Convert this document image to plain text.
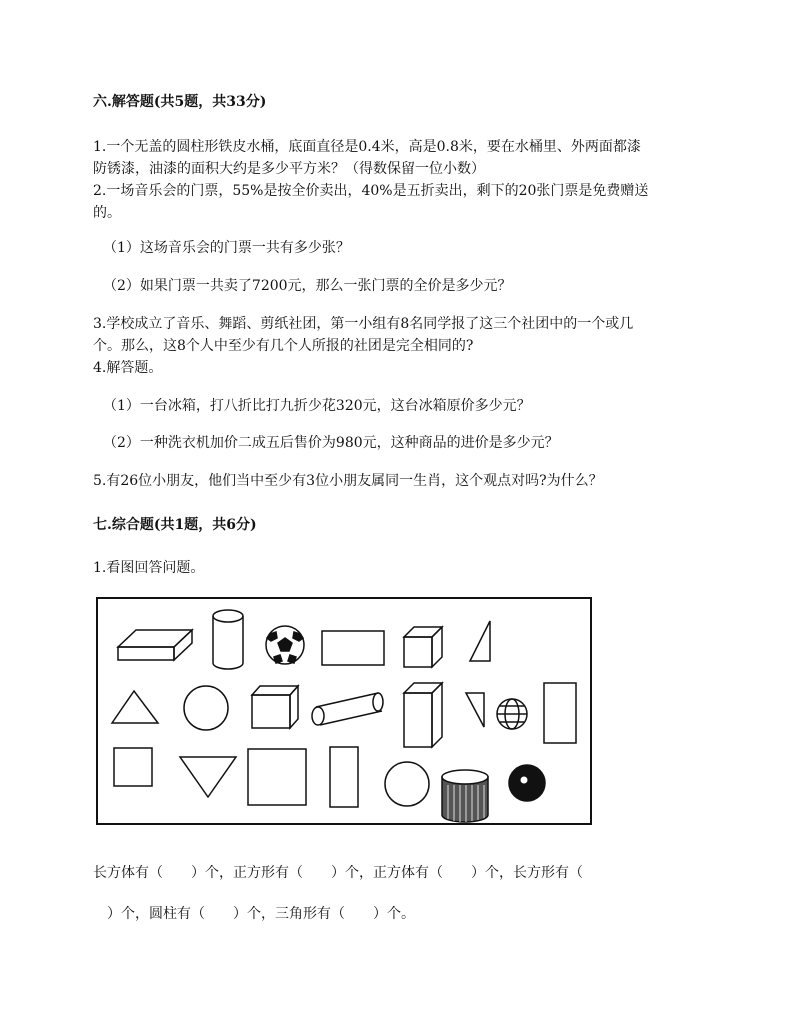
六.解答题(共5题，共33分)
1.一个无盖的圆柱形铁皮水桶，底面直径是0.4米，高是0.8米，要在水桶里、外两面都漆
防锈漆，油漆的面积大约是多少平方米？（得数保留一位小数）
2.一场音乐会的门票，55%是按全价卖出，40%是五折卖出，剩下的20张门票是免费赠送
的。
（1）这场音乐会的门票一共有多少张？
（2）如果门票一共卖了7200元，那么一张门票的全价是多少元？
3.学校成立了音乐、舞蹈、剪纸社团，第一小组有8名同学报了这三个社团中的一个或几
个。那么，这8个人中至少有几个人所报的社团是完全相同的?
4.解答题。
（1）一台冰箱，打八折比打九折少花320元，这台冰箱原价多少元？
（2）一种洗衣机加价二成五后售价为980元，这种商品的进价是多少元？
5.有26位小朋友，他们当中至少有3位小朋友属同一生肖，这个观点对吗?为什么？
七.综合题(共1题，共6分)
1.看图回答问题。
长方体有（　　）个，正方形有（　　）个，正方体有（　　）个，长方形有（
　）个，圆柱有（　　）个，三角形有（　　）个。
